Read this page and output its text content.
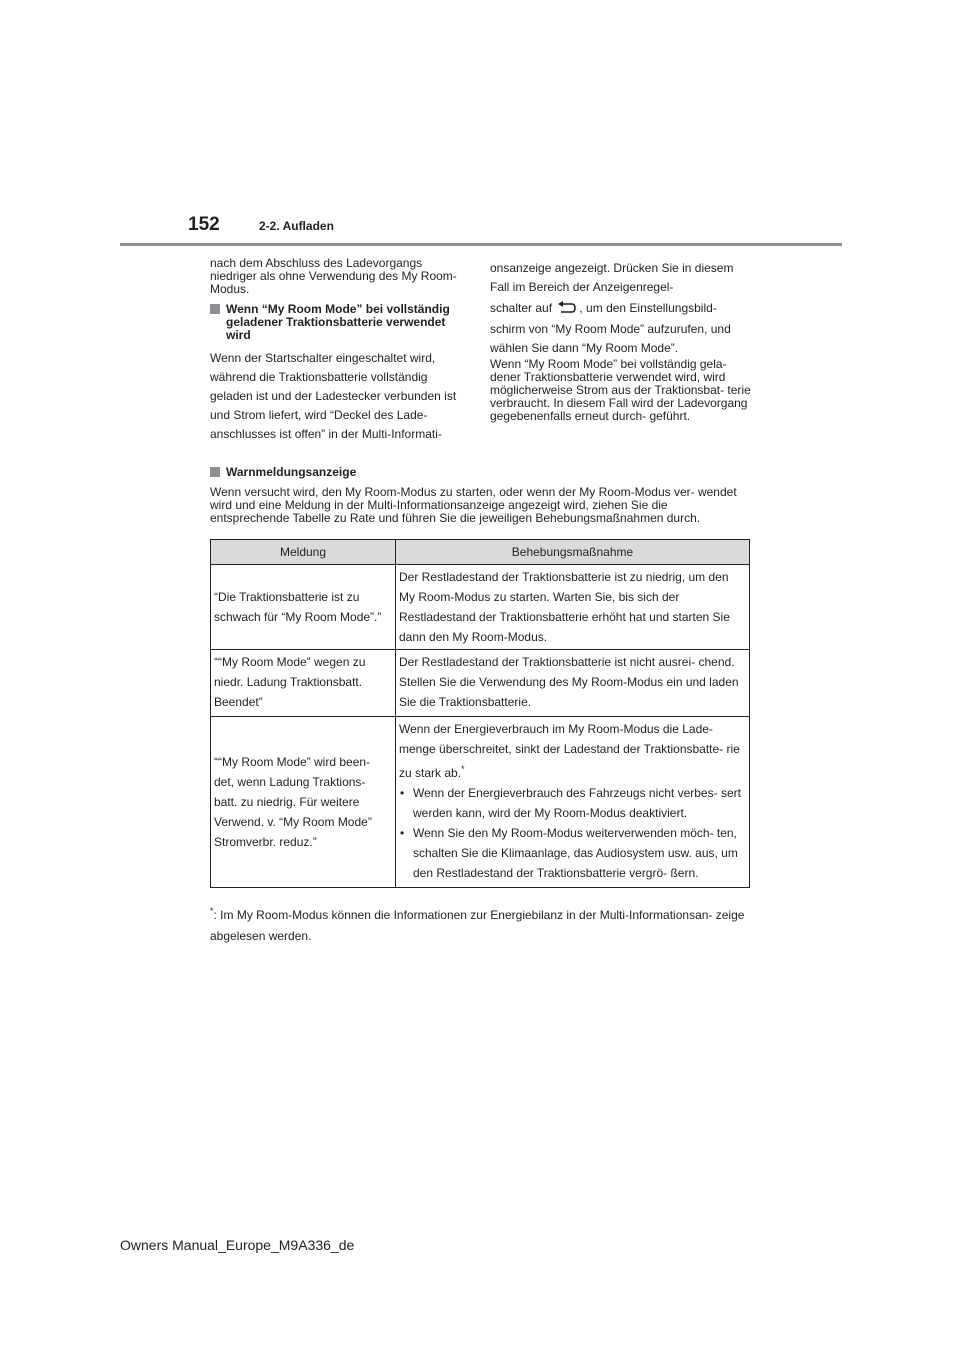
152	2-2. Aufladen

nach dem Abschluss des Ladevorgangs niedriger als ohne Verwendung des My Room-Modus.

Wenn “My Room Mode” bei vollständig geladener Traktionsbatterie verwendet wird

Wenn der Startschalter eingeschaltet wird, während die Traktionsbatterie vollständig geladen ist und der Ladestecker verbunden ist und Strom liefert, wird “Deckel des Lade- anschlusses ist offen” in der Multi-Informati-

onsanzeige angezeigt. Drücken Sie in diesem Fall im Bereich der Anzeigenregel-

schalter auf , um den Einstellungsbild-

schirm von “My Room Mode” aufzurufen, und wählen Sie dann “My Room Mode”.

Wenn “My Room Mode” bei vollständig gela- dener Traktionsbatterie verwendet wird, wird möglicherweise Strom aus der Traktionsbat- terie verbraucht. In diesem Fall wird der Ladevorgang gegebenenfalls erneut durch- geführt.

Warnmeldungsanzeige
Wenn versucht wird, den My Room-Modus zu starten, oder wenn der My Room-Modus ver- wendet wird und eine Meldung in der Multi-Informationsanzeige angezeigt wird, ziehen Sie die entsprechende Tabelle zu Rate und führen Sie die jeweiligen Behebungsmaßnahmen durch.
Meldung	Behebungsmaßnahme
“Die Traktionsbatterie ist zu schwach für “My Room Mode”.”	Der Restladestand der Traktionsbatterie ist zu niedrig, um den My Room-Modus zu starten. Warten Sie, bis sich der Restladestand der Traktionsbatterie erhöht hat und starten Sie dann den My Room-Modus.
““My Room Mode” wegen zu niedr. Ladung Traktionsbatt. Beendet”	Der Restladestand der Traktionsbatterie ist nicht ausrei- chend. Stellen Sie die Verwendung des My Room-Modus ein und laden Sie die Traktionsbatterie.
““My Room Mode” wird been- det, wenn Ladung Traktions- batt. zu niedrig. Für weitere Verwend. v. “My Room Mode” Stromverbr. reduz.”	Wenn der Energieverbrauch im My Room-Modus die Lade- menge überschreitet, sinkt der Ladestand der Traktionsbatte- rie zu stark ab.*
• Wenn der Energieverbrauch des Fahrzeugs nicht verbes- sert werden kann, wird der My Room-Modus deaktiviert.
• Wenn Sie den My Room-Modus weiterverwenden möch- ten, schalten Sie die Klimaanlage, das Audiosystem usw. aus, um den Restladestand der Traktionsbatterie vergrö- ßern.
*: Im My Room-Modus können die Informationen zur Energiebilanz in der Multi-Informationsan- zeige abgelesen werden.
Owners Manual_Europe_M9A336_de
